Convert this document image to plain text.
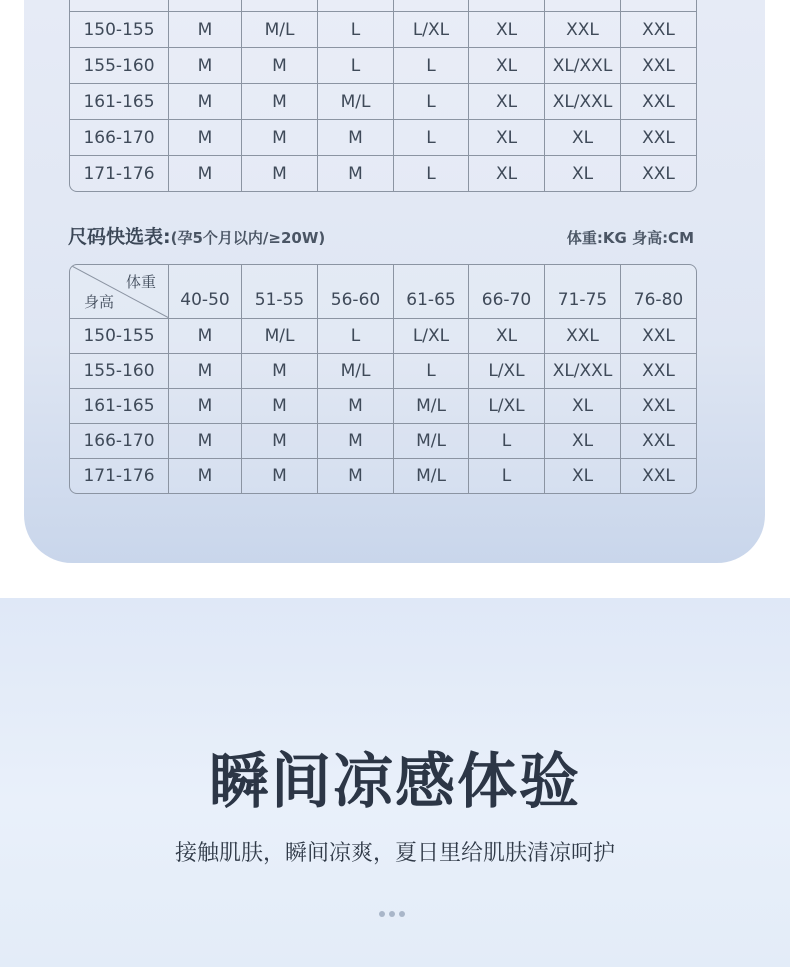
150-155	M	M/L	L	L/XL	XL	XXL	XXL
155-160	M	M	L	L	XL	XL/XXL	XXL
161-165	M	M	M/L	L	XL	XL/XXL	XXL
166-170	M	M	M	L	XL	XL	XXL
171-176	M	M	M	L	XL	XL	XXL
尺码快选表:(孕5个月以内/≥20W)	体重:KG 身高:CM
体重
身高	40-50	51-55	56-60	61-65	66-70	71-75	76-80
150-155	M	M/L	L	L/XL	XL	XXL	XXL
155-160	M	M	M/L	L	L/XL	XL/XXL	XXL
161-165	M	M	M	M/L	L/XL	XL	XXL
166-170	M	M	M	M/L	L	XL	XXL
171-176	M	M	M	M/L	L	XL	XXL
瞬间凉感体验
接触肌肤，瞬间凉爽，夏日里给肌肤清凉呵护
